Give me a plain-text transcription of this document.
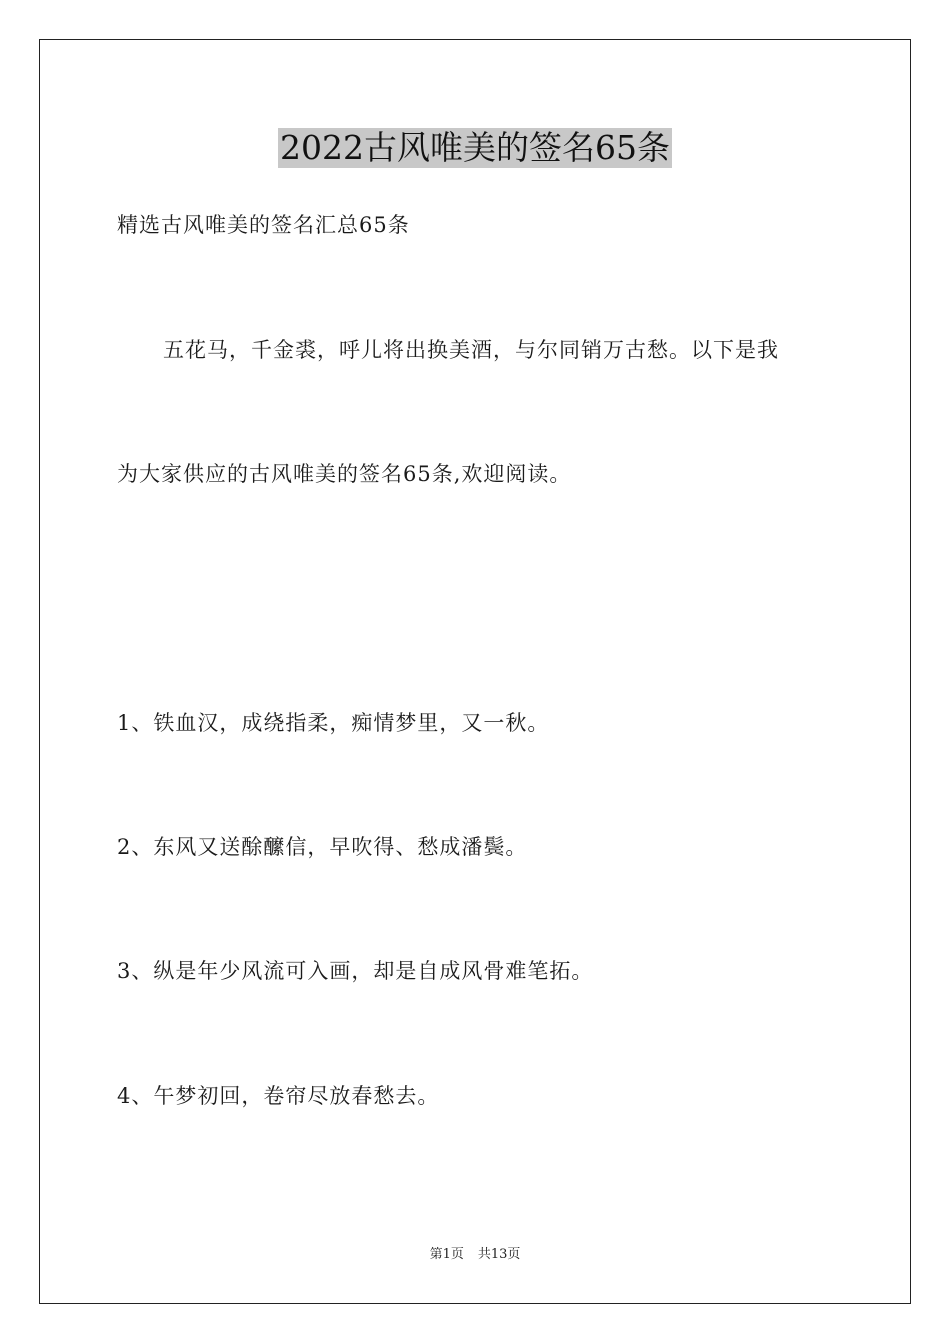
2022古风唯美的签名65条
精选古风唯美的签名汇总65条
五花马，千金裘，呼儿将出换美酒，与尔同销万古愁。以下是我
为大家供应的古风唯美的签名65条,欢迎阅读。
1、铁血汉，成绕指柔，痴情梦里，又一秋。
2、东风又送酴醿信，早吹得、愁成潘鬓。
3、纵是年少风流可入画，却是自成风骨难笔拓。
4、午梦初回，卷帘尽放春愁去。
第1页 共13页
